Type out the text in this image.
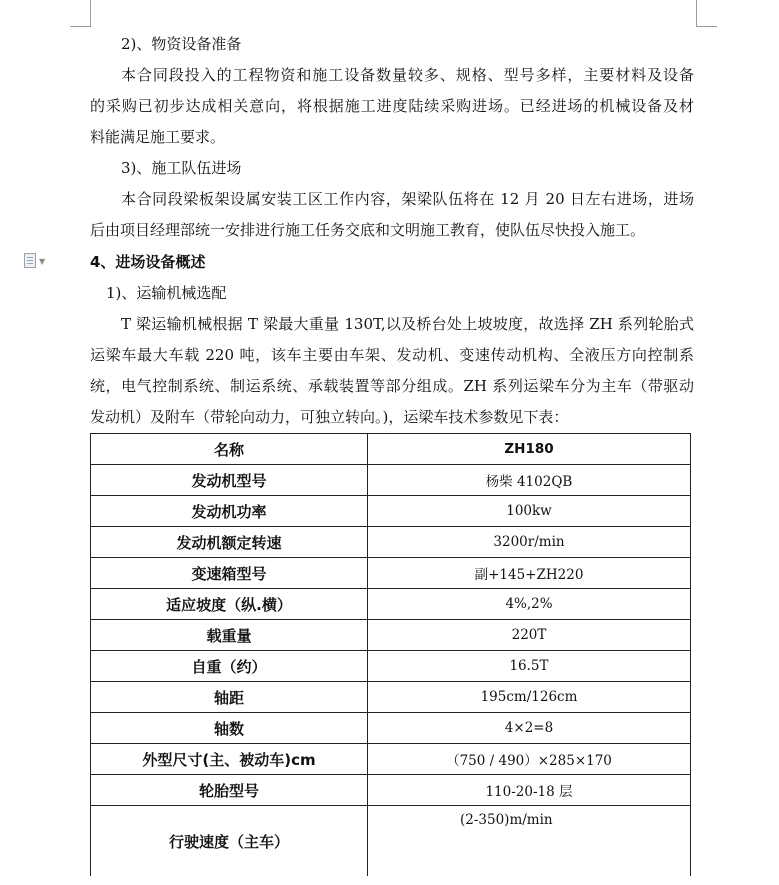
▼
2)、物资设备准备
本合同段投入的工程物资和施工设备数量较多、规格、型号多样，主要材料及设备
的采购已初步达成相关意向，将根据施工进度陆续采购进场。已经进场的机械设备及材
料能满足施工要求。
3)、施工队伍进场
本合同段梁板架设属安装工区工作内容，架梁队伍将在 12 月 20 日左右进场，进场
后由项目经理部统一安排进行施工任务交底和文明施工教育，使队伍尽快投入施工。
4、进场设备概述
1)、运输机械选配
T 梁运输机械根据 T 梁最大重量 130T,以及桥台处上坡坡度，故选择 ZH 系列轮胎式
运梁车最大车载 220 吨，该车主要由车架、发动机、变速传动机构、全液压方向控制系
统，电气控制系统、制运系统、承载装置等部分组成。ZH 系列运梁车分为主车（带驱动
发动机）及附车（带轮向动力，可独立转向。)，运梁车技术参数见下表：
名称	ZH180
发动机型号	杨柴 4102QB
发动机功率	100kw
发动机额定转速	3200r/min
变速箱型号	副+145+ZH220
适应坡度（纵.横）	4%,2%
载重量	220T
自重（约）	16.5T
轴距	195cm/126cm
轴数	4×2=8
外型尺寸(主、被动车)cm	（750 / 490）×285×170
轮胎型号	110-20-18 层
行驶速度（主车）	(2-350)m/min
